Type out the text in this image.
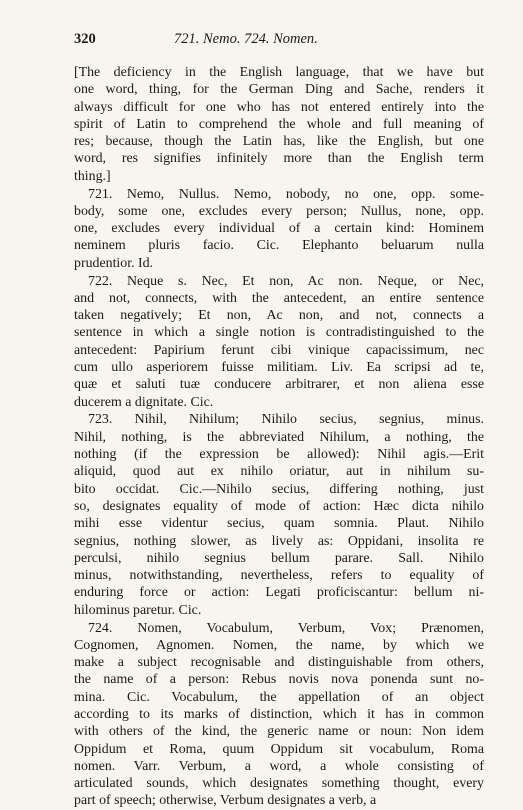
320	721. Nemo. 724. Nomen.
[The deficiency in the English language, that we have but
one word, thing, for the German Ding and Sache, renders it
always difficult for one who has not entered entirely into the
spirit of Latin to comprehend the whole and full meaning of
res; because, though the Latin has, like the English, but one
word, res signifies infinitely more than the English term
thing.]
721. Nemo, Nullus. Nemo, nobody, no one, opp. some-
body, some one, excludes every person; Nullus, none, opp.
one, excludes every individual of a certain kind: Hominem
neminem pluris facio. Cic. Elephanto beluarum nulla
prudentior. Id.
722. Neque s. Nec, Et non, Ac non. Neque, or Nec,
and not, connects, with the antecedent, an entire sentence
taken negatively; Et non, Ac non, and not, connects a
sentence in which a single notion is contradistinguished to the
antecedent: Papirium ferunt cibi vinique capacissimum, nec
cum ullo asperiorem fuisse militiam. Liv. Ea scripsi ad te,
quæ et saluti tuæ conducere arbitrarer, et non aliena esse
ducerem a dignitate. Cic.
723. Nihil, Nihilum; Nihilo secius, segnius, minus.
Nihil, nothing, is the abbreviated Nihilum, a nothing, the
nothing (if the expression be allowed): Nihil agis.—Erit
aliquid, quod aut ex nihilo oriatur, aut in nihilum su-
bito occidat. Cic.—Nihilo secius, differing nothing, just
so, designates equality of mode of action: Hæc dicta nihilo
mihi esse videntur secius, quam somnia. Plaut. Nihilo
segnius, nothing slower, as lively as: Oppidani, insolita re
perculsi, nihilo segnius bellum parare. Sall. Nihilo
minus, notwithstanding, nevertheless, refers to equality of
enduring force or action: Legati proficiscantur: bellum ni-
hilominus paretur. Cic.
724. Nomen, Vocabulum, Verbum, Vox; Prænomen,
Cognomen, Agnomen. Nomen, the name, by which we
make a subject recognisable and distinguishable from others,
the name of a person: Rebus novis nova ponenda sunt no-
mina. Cic. Vocabulum, the appellation of an object
according to its marks of distinction, which it has in common
with others of the kind, the generic name or noun: Non idem
Oppidum et Roma, quum Oppidum sit vocabulum, Roma
nomen. Varr. Verbum, a word, a whole consisting of
articulated sounds, which designates something thought, every
part of speech; otherwise, Verbum designates a verb, a
